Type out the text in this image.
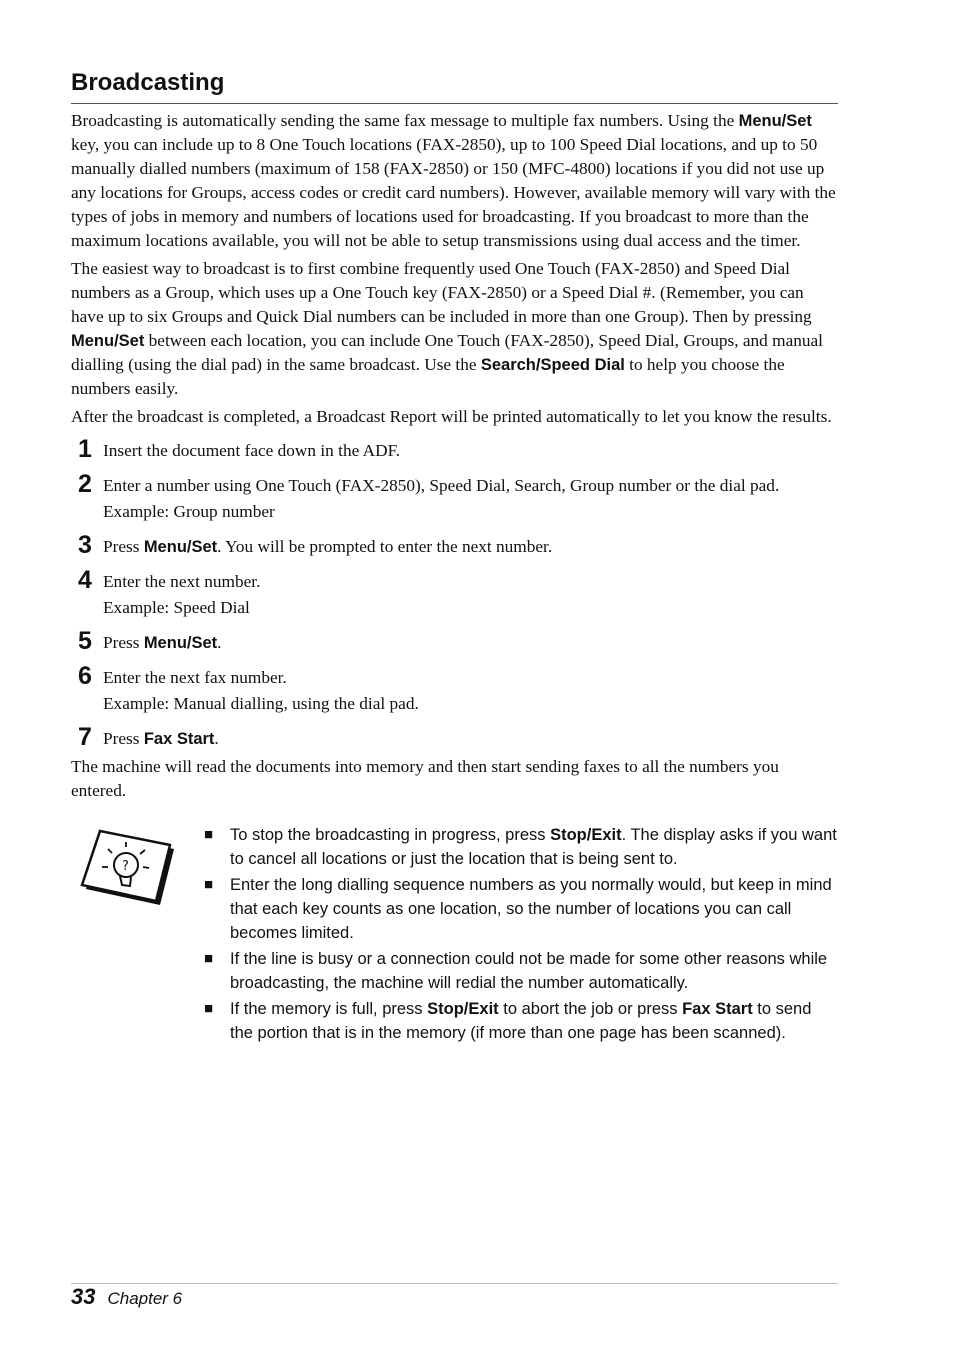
Broadcasting

Broadcasting is automatically sending the same fax message to multiple fax numbers. Using the Menu/Set key, you can include up to 8 One Touch locations (FAX-2850), up to 100 Speed Dial locations, and up to 50 manually dialled numbers (maximum of 158 (FAX-2850) or 150 (MFC-4800) locations if you did not use up any locations for Groups, access codes or credit card numbers). However, available memory will vary with the types of jobs in memory and numbers of locations used for broadcasting. If you broadcast to more than the maximum locations available, you will not be able to setup transmissions using dual access and the timer.

The easiest way to broadcast is to first combine frequently used One Touch (FAX-2850) and Speed Dial numbers as a Group, which uses up a One Touch key (FAX-2850) or a Speed Dial #. (Remember, you can have up to six Groups and Quick Dial numbers can be included in more than one Group). Then by pressing Menu/Set between each location, you can include One Touch (FAX-2850), Speed Dial, Groups, and manual dialling (using the dial pad) in the same broadcast. Use the Search/Speed Dial to help you choose the numbers easily.

After the broadcast is completed, a Broadcast Report will be printed automatically to let you know the results.

1 Insert the document face down in the ADF.
2 Enter a number using One Touch (FAX-2850), Speed Dial, Search, Group number or the dial pad.
Example: Group number
3 Press Menu/Set. You will be prompted to enter the next number.
4 Enter the next number.
Example: Speed Dial
5 Press Menu/Set.
6 Enter the next fax number.
Example: Manual dialling, using the dial pad.
7 Press Fax Start.

The machine will read the documents into memory and then start sending faxes to all the numbers you entered.

?
■ To stop the broadcasting in progress, press Stop/Exit. The display asks if you want to cancel all locations or just the location that is being sent to.
■ Enter the long dialling sequence numbers as you normally would, but keep in mind that each key counts as one location, so the number of locations you can call becomes limited.
■ If the line is busy or a connection could not be made for some other reasons while broadcasting, the machine will redial the number automatically.
■ If the memory is full, press Stop/Exit to abort the job or press Fax Start to send the portion that is in the memory (if more than one page has been scanned).
33 Chapter 6
